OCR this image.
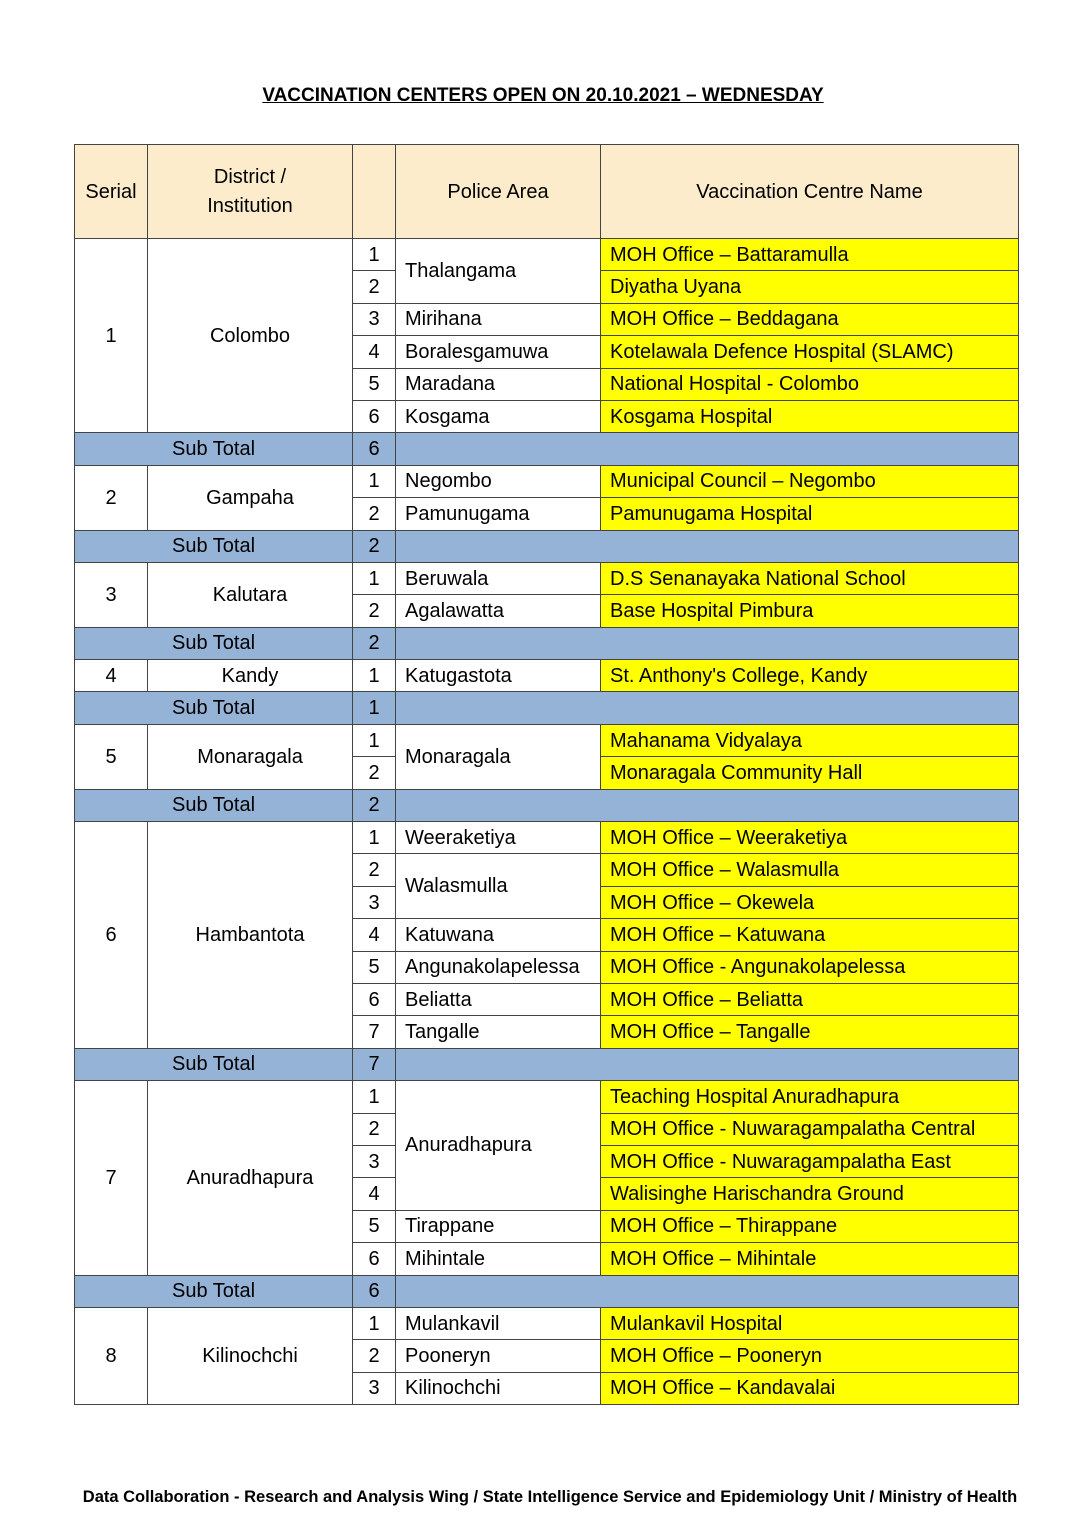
VACCINATION CENTERS OPEN ON 20.10.2021 – WEDNESDAY
Serial	District / Institution		Police Area	Vaccination Centre Name
1	Colombo	1	Thalangama	MOH Office – Battaramulla
		2		Diyatha Uyana
		3	Mirihana	MOH Office – Beddagana
		4	Boralesgamuwa	Kotelawala Defence Hospital (SLAMC)
		5	Maradana	National Hospital - Colombo
		6	Kosgama	Kosgama Hospital
Sub Total		6		
2	Gampaha	1	Negombo	Municipal Council – Negombo
		2	Pamunugama	Pamunugama Hospital
Sub Total		2		
3	Kalutara	1	Beruwala	D.S Senanayaka National School
		2	Agalawatta	Base Hospital Pimbura
Sub Total		2		
4	Kandy	1	Katugastota	St. Anthony's College, Kandy
Sub Total		1		
5	Monaragala	1	Monaragala	Mahanama Vidyalaya
		2		Monaragala Community Hall
Sub Total		2		
6	Hambantota	1	Weeraketiya	MOH Office – Weeraketiya
		2	Walasmulla	MOH Office – Walasmulla
		3		MOH Office – Okewela
		4	Katuwana	MOH Office – Katuwana
		5	Angunakolapelessa	MOH Office - Angunakolapelessa
		6	Beliatta	MOH Office – Beliatta
		7	Tangalle	MOH Office – Tangalle
Sub Total		7		
7	Anuradhapura	1	Anuradhapura	Teaching Hospital Anuradhapura
		2		MOH Office - Nuwaragampalatha Central
		3		MOH Office - Nuwaragampalatha East
		4		Walisinghe Harischandra Ground
		5	Tirappane	MOH Office – Thirappane
		6	Mihintale	MOH Office – Mihintale
Sub Total		6		
8	Kilinochchi	1	Mulankavil	Mulankavil Hospital
		2	Pooneryn	MOH Office – Pooneryn
		3	Kilinochchi	MOH Office – Kandavalai
Data Collaboration - Research and Analysis Wing / State Intelligence Service and Epidemiology Unit / Ministry of Health
